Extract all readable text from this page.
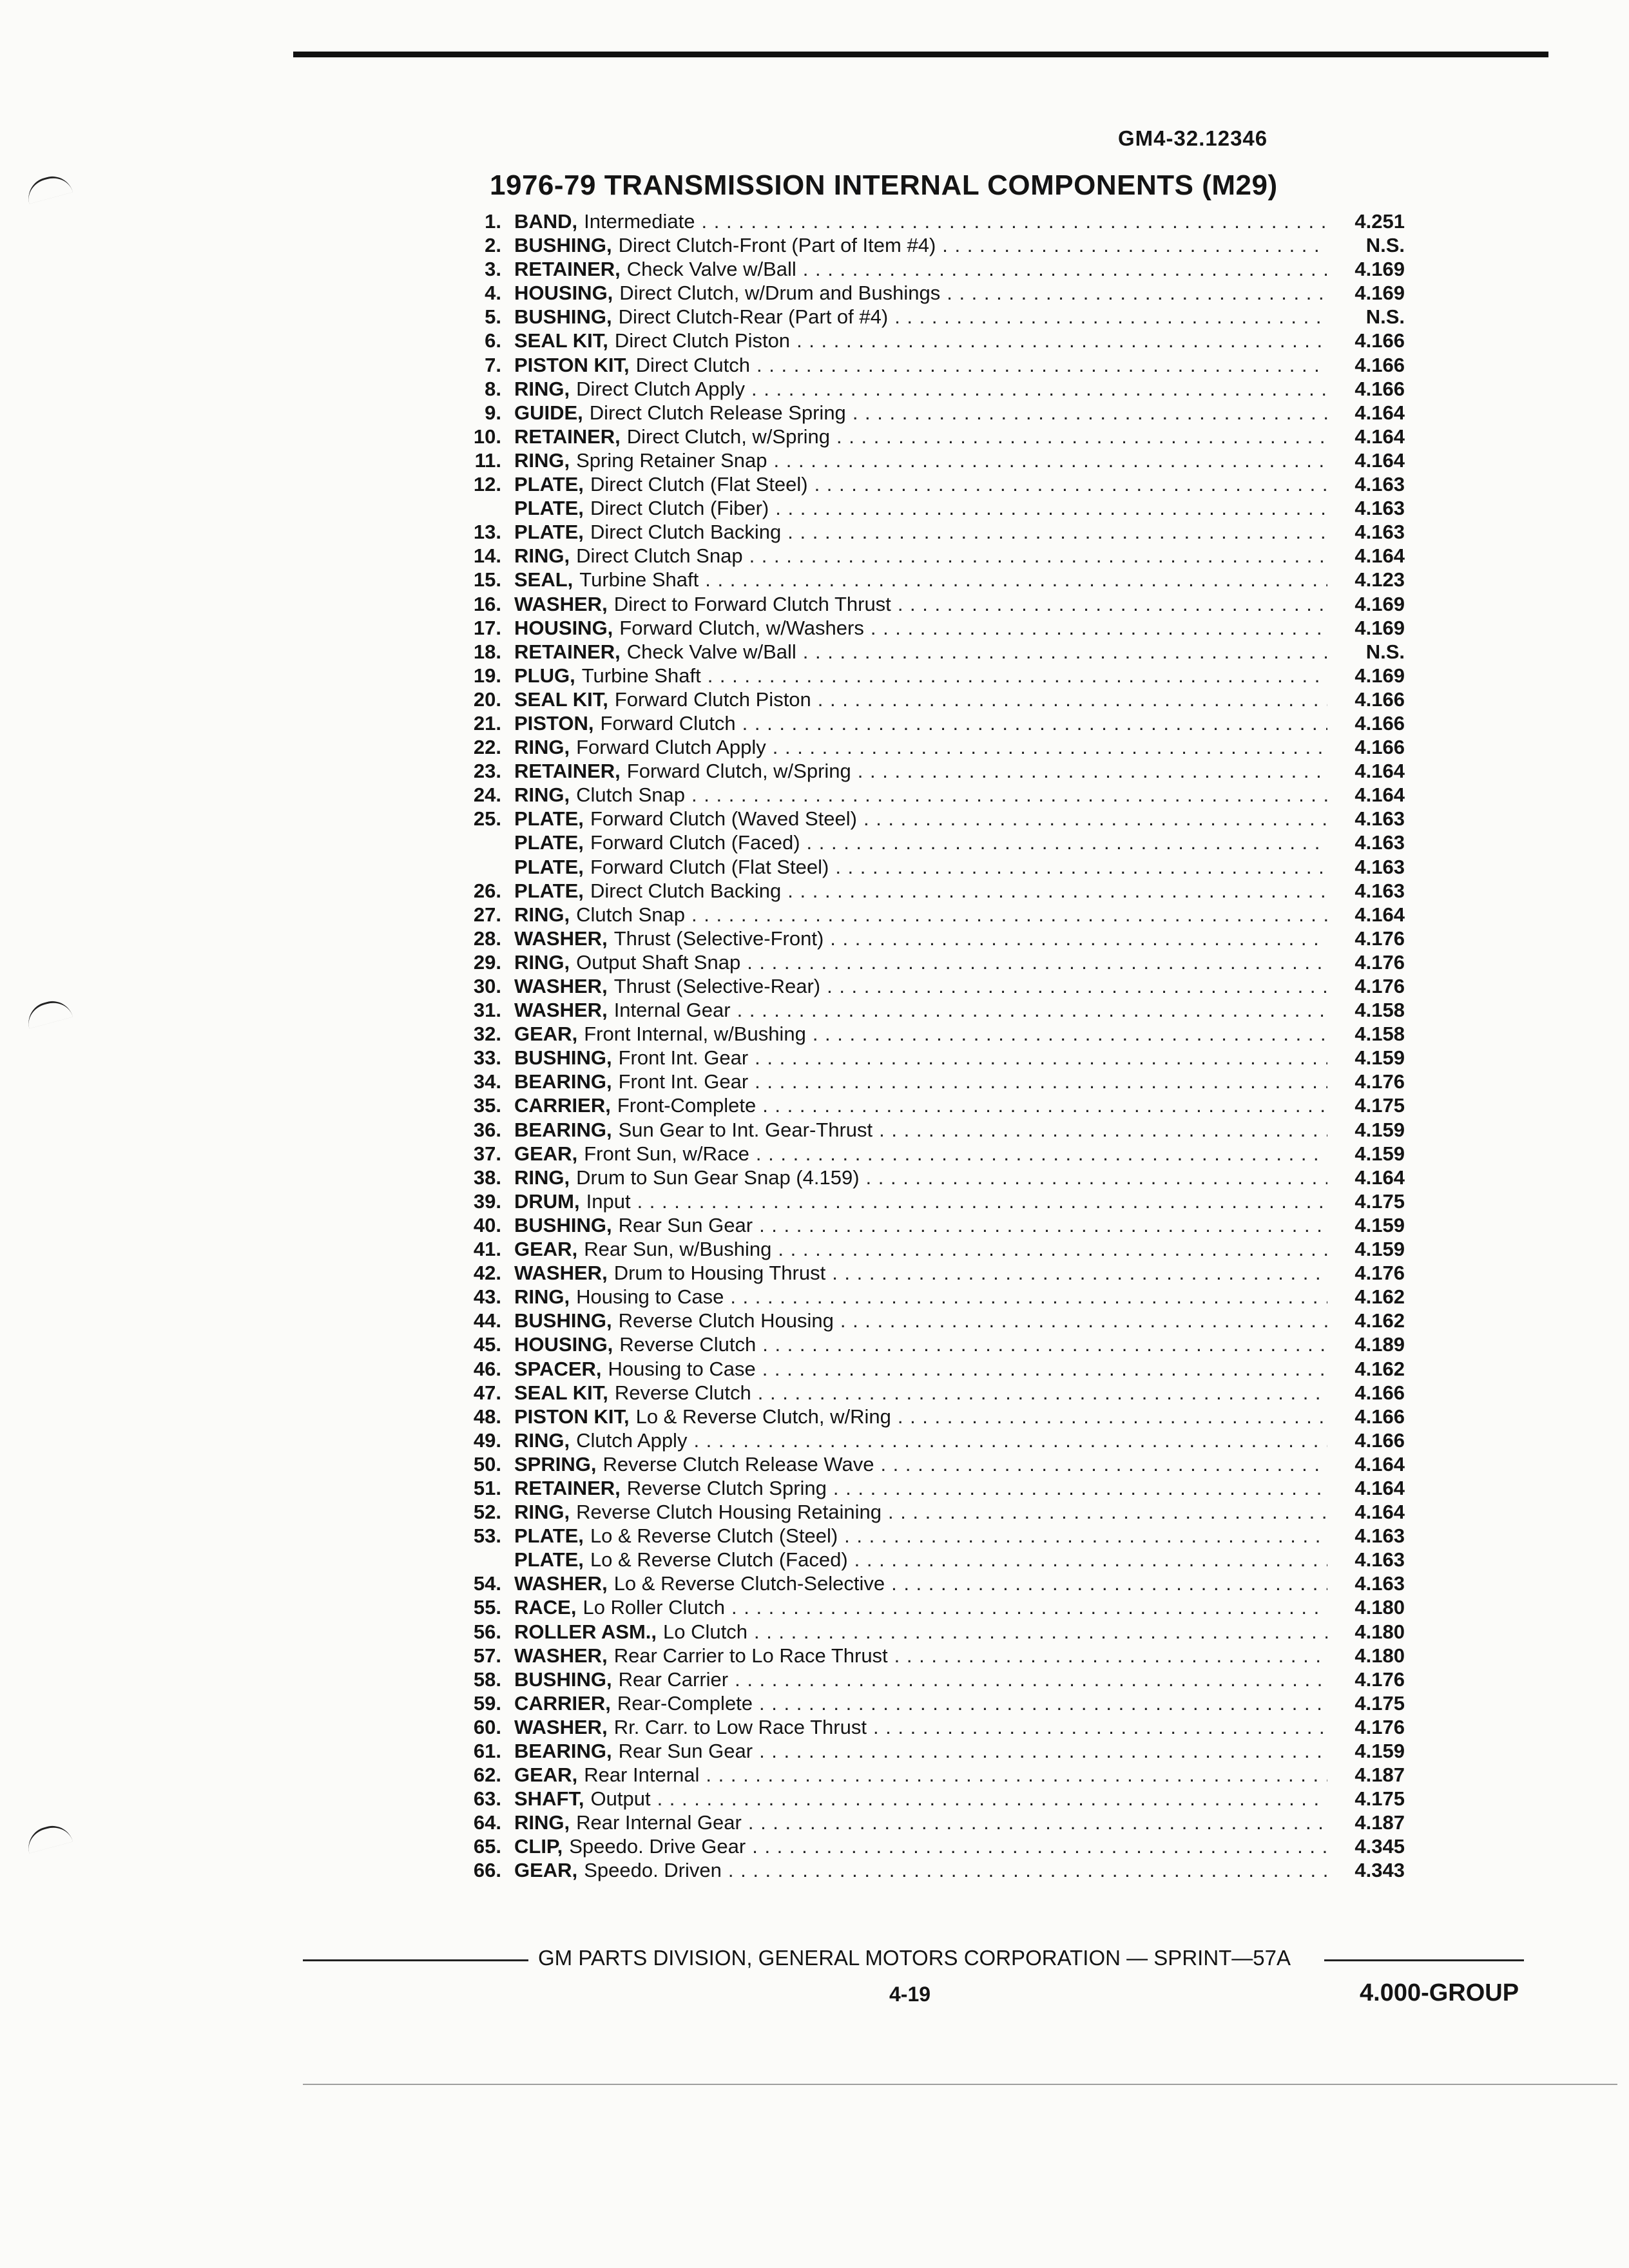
GM4-32.12346
1976-79 TRANSMISSION INTERNAL COMPONENTS (M29)
1. BAND, Intermediate . . .	4.251
2. BUSHING, Direct Clutch-Front (Part of Item #4) . . .	N.S.
3. RETAINER, Check Valve w/Ball . . .	4.169
4. HOUSING, Direct Clutch, w/Drum and Bushings . . .	4.169
5. BUSHING, Direct Clutch-Rear (Part of #4) . . .	N.S.
6. SEAL KIT, Direct Clutch Piston . . .	4.166
7. PISTON KIT, Direct Clutch . . .	4.166
8. RING, Direct Clutch Apply . . .	4.166
9. GUIDE, Direct Clutch Release Spring . . .	4.164
10. RETAINER, Direct Clutch, w/Spring . . .	4.164
11. RING, Spring Retainer Snap . . .	4.164
12. PLATE, Direct Clutch (Flat Steel) . . .	4.163
PLATE, Direct Clutch (Fiber) . . .	4.163
13. PLATE, Direct Clutch Backing . . .	4.163
14. RING, Direct Clutch Snap . . .	4.164
15. SEAL, Turbine Shaft . . .	4.123
16. WASHER, Direct to Forward Clutch Thrust . . .	4.169
17. HOUSING, Forward Clutch, w/Washers . . .	4.169
18. RETAINER, Check Valve w/Ball . . .	N.S.
19. PLUG, Turbine Shaft . . .	4.169
20. SEAL KIT, Forward Clutch Piston . . .	4.166
21. PISTON, Forward Clutch . . .	4.166
22. RING, Forward Clutch Apply . . .	4.166
23. RETAINER, Forward Clutch, w/Spring . . .	4.164
24. RING, Clutch Snap . . .	4.164
25. PLATE, Forward Clutch (Waved Steel) . . .	4.163
PLATE, Forward Clutch (Faced) . . .	4.163
PLATE, Forward Clutch (Flat Steel) . . .	4.163
26. PLATE, Direct Clutch Backing . . .	4.163
27. RING, Clutch Snap . . .	4.164
28. WASHER, Thrust (Selective-Front) . . .	4.176
29. RING, Output Shaft Snap . . .	4.176
30. WASHER, Thrust (Selective-Rear) . . .	4.176
31. WASHER, Internal Gear . . .	4.158
32. GEAR, Front Internal, w/Bushing . . .	4.158
33. BUSHING, Front Int. Gear . . .	4.159
34. BEARING, Front Int. Gear . . .	4.176
35. CARRIER, Front-Complete . . .	4.175
36. BEARING, Sun Gear to Int. Gear-Thrust . . .	4.159
37. GEAR, Front Sun, w/Race . . .	4.159
38. RING, Drum to Sun Gear Snap (4.159) . . .	4.164
39. DRUM, Input . . .	4.175
40. BUSHING, Rear Sun Gear . . .	4.159
41. GEAR, Rear Sun, w/Bushing . . .	4.159
42. WASHER, Drum to Housing Thrust . . .	4.176
43. RING, Housing to Case . . .	4.162
44. BUSHING, Reverse Clutch Housing . . .	4.162
45. HOUSING, Reverse Clutch . . .	4.189
46. SPACER, Housing to Case . . .	4.162
47. SEAL KIT, Reverse Clutch . . .	4.166
48. PISTON KIT, Lo & Reverse Clutch, w/Ring . . .	4.166
49. RING, Clutch Apply . . .	4.166
50. SPRING, Reverse Clutch Release Wave . . .	4.164
51. RETAINER, Reverse Clutch Spring . . .	4.164
52. RING, Reverse Clutch Housing Retaining . . .	4.164
53. PLATE, Lo & Reverse Clutch (Steel) . . .	4.163
PLATE, Lo & Reverse Clutch (Faced) . . .	4.163
54. WASHER, Lo & Reverse Clutch-Selective . . .	4.163
55. RACE, Lo Roller Clutch . . .	4.180
56. ROLLER ASM., Lo Clutch . . .	4.180
57. WASHER, Rear Carrier to Lo Race Thrust . . .	4.180
58. BUSHING, Rear Carrier . . .	4.176
59. CARRIER, Rear-Complete . . .	4.175
60. WASHER, Rr. Carr. to Low Race Thrust . . .	4.176
61. BEARING, Rear Sun Gear . . .	4.159
62. GEAR, Rear Internal . . .	4.187
63. SHAFT, Output . . .	4.175
64. RING, Rear Internal Gear . . .	4.187
65. CLIP, Speedo. Drive Gear . . .	4.345
66. GEAR, Speedo. Driven . . .	4.343
GM PARTS DIVISION, GENERAL MOTORS CORPORATION — SPRINT—57A
4-19	4.000-GROUP
